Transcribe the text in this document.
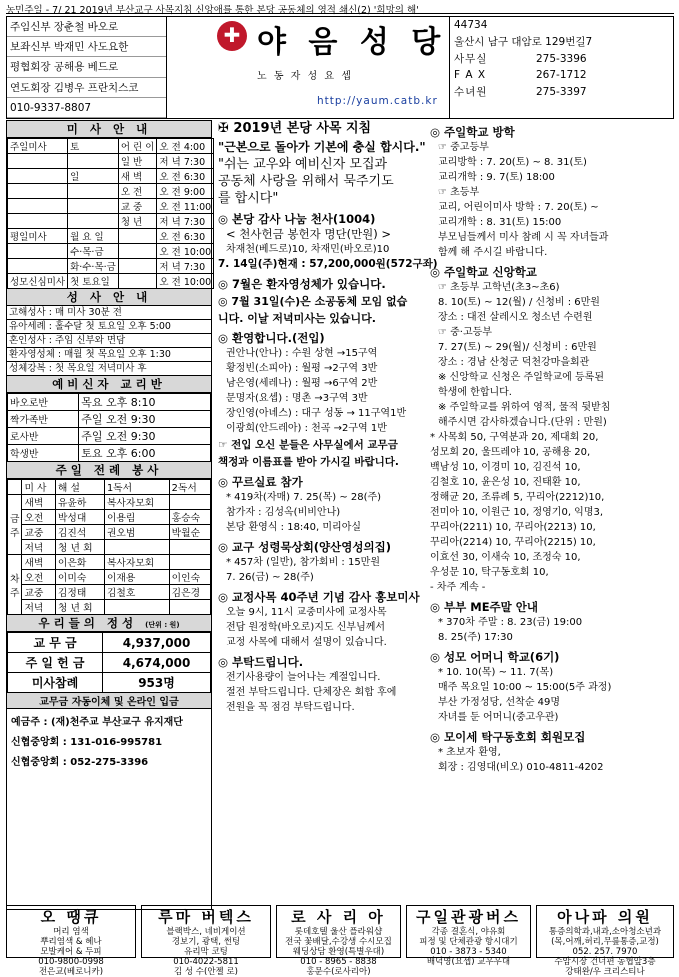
농민주일 - 7/ 21 2019년 부산교구 사목지침 신앙애를 통한 본당 공동체의 영적 쇄신(2) '희망의 해'
주임신부 장춘철 바오로
보좌신부 박재민 사도요한
평협회장 공해용 베드로
연도회장 김병우 프란치스코
010-9337-8807
✚ 야 음 성 당
노 동 자 성 요 셉
http://yaum.catb.kr
44734
울산시 남구 대암로 129번길7
사무실	275-3396
F A X	267-1712
수녀원	275-3397
미 사 안 내
주일미사	토	어 린 이	오 전 4:00
		일 반	저 녁 7:30
	일	새 벽	오 전 6:30
		오 전	오 전 9:00
		교 중	오 전 11:00
		청 년	저 녁 7:30
평일미사	월 요 일		오 전 6:30
	수·목·금		오 전 10:00
	화·수·목·금		저 녁 7:30
성모신심미사	첫 토요일		오 전 10:00
성 사 안 내
고해성사 : 매 미사 30분 전
유아세례 : 홀수달 첫 토요일 오후 5:00
혼인성사 : 주임 신부와 면담
환자영성체 : 매월 첫 목요일 오후 1:30
성체강복 : 첫 목요일 저녁미사 후
예비신자 교리반
바오로반	목요 오후 8:10
짝가족반	주일 오전 9:30
로사반	주일 오전 9:30
학생반	토요 오후 6:00
주일 전례 봉사
	미 사	해 설	1독서	2독서
금주	새벽	유윤하	복사자모회	
	오전	박성대	이용림	홍승숙
	교중	김진석	권오범	박월순
	저녁	청 년 회		
차주	새벽	이은화	복사자모회	
	오전	이미숙	이재용	이인숙
	교중	김정태	김철호	김은경
	저녁	청 년 회		
우리들의 정성 (단위 : 원)
교 무 금	4,937,000
주 일 헌 금	4,674,000
미사참례	953명
교무금 자동이체 및 온라인 입금
예금주 : (재)천주교 부산교구 유지재단
신협중앙회 : 131-016-995781
신협중앙회 : 052-275-3396

✠ 2019년 본당 사목 지침

"근본으로 돌아가 기본에 충실 합시다."

"쉬는 교우와 예비신자 모집과

공동체 사랑을 위해서 묵주기도

를 합시다"

◎ 본당 감사 나눔 천사(1004)

< 천사헌금 봉헌자 명단(만원) >

차재천(베드로)10, 차재민(바오로)10

7. 14일(주)현재 : 57,200,000원(572구좌)

◎ 7월은 환자영성체가 있습니다.

◎ 7월 31일(수)은 소공동체 모임 없습

니다. 이날 저녁미사는 있습니다.

◎ 환영합니다.(전입)

권안나(안나) : 수원 상현 →15구역

황정빈(소피아) : 월평 →2구역 3반

남은영(세레나) : 월평 →6구역 2반

문명자(요셉) : 명촌 →3구역 3반

장인영(아녜스) : 대구 성동 → 11구역1반

이광희(안드레아) : 천곡 →2구역 1반

☞ 전입 오신 분들은 사무실에서 교무금

책정과 이름표를 받아 가시길 바랍니다.

◎ 꾸르실료 참가

* 419차(자매) 7. 25(목) ~ 28(주)

참가자 : 김성옥(비비안나)

본당 환영식 : 18:40, 미리아실

◎ 교구 성령묵상회(양산영성의집)

* 457차 (일반), 참가회비 : 15만원

7. 26(금) ~ 28(주)

◎ 교정사목 40주년 기념 감사 홍보미사

오늘 9시, 11시 교중미사에 교정사목

전담 원정학(바오로)지도 신부님께서

교정 사목에 대해서 설명이 있습니다.

◎ 부탁드립니다.

전기사용량이 늘어나는 계절입니다.

절전 부탁드립니다. 단체장은 회합 후에

전원을 꼭 점검 부탁드립니다.

◎ 주일학교 방학

☞ 중고등부

교리방학 : 7. 20(토) ~ 8. 31(토)

교리개학 : 9. 7(토) 18:00

☞ 초등부

교리, 어린이미사 방학 : 7. 20(토) ~

교리개학 : 8. 31(토) 15:00

부모님들께서 미사 참례 시 꼭 자녀들과

함께 해 주시길 바랍니다.

◎ 주일학교 신앙학교

☞ 초등부 고학년(초3~초6)

8. 10(토) ~ 12(월) / 신청비 : 6만원

장소 : 대전 살레시오 청소년 수련원

☞ 중·고등부

7. 27(토) ~ 29(월)/ 신청비 : 6만원

장소 : 경남 산청군 덕천강마을회관

※ 신앙학교 신청은 주일학교에 등록된

학생에 한합니다.

※ 주일학교를 위하여 영적, 물적 뒷받침

해주시면 감사하겠습니다.(단위 : 만원)

* 사목회 50, 구역분과 20, 제대회 20,

성모회 20, 울뜨레야 10, 공해용 20,

백남성 10, 이경미 10, 김진석 10,

김철호 10, 윤은성 10, 진태환 10,

정해균 20, 조류례 5, 꾸리아(2212)10,

전미아 10, 이원근 10, 정영기0, 익명3,

꾸리아(2211) 10, 꾸리아(2213) 10,

꾸리아(2214) 10, 꾸리아(2215) 10,

이효선 30, 이새숙 10, 조정숙 10,

우성문 10, 탁구동호회 10,

- 차주 계속 -

◎ 부부 ME주말 안내

* 370차 주말 : 8. 23(금) 19:00

8. 25(주) 17:30

◎ 성모 어머니 학교(6기)

* 10. 10(목) ~ 11. 7(목)

매주 목요일 10:00 ~ 15:00(5주 과정)

부산 가정성당, 선착순 49명

자녀를 둔 어머니(중고우관)

◎ 모이세 탁구동호회 회원모집

* 초보자 환영,

회장 : 김영대(비오) 010-4811-4202

오 땡큐
머리 염색
뿌리염색 & 헤나
모발케어 & 두피
010-9800-0998
전은교(베로니카)
루마 버텍스
블랙박스, 네비게이션
경보기, 광택, 썬팅
유리막 코팅
010-4022-5811
김 성 수(안젤 로)
로 사 리 아
롯데호텔 울산 플라워샵
전국 꽃배달,수강생 수시모집
웨딩상담 환영(특별우대)
010 - 8965 - 8838
홍문수(로사리아)
구일관광버스
각종 결혼식, 야유회
피정 및 단체관광 항시대기
010 - 3873 - 5340
배덕영(요셉) 교우우대
아나파 의원
통증의학과,내과,소아청소년과
(목,어깨,허리,무릎통증,교정)
052. 257. 7970
수암시장 건너편 농협앞3층
강태완/우 크리스티나
